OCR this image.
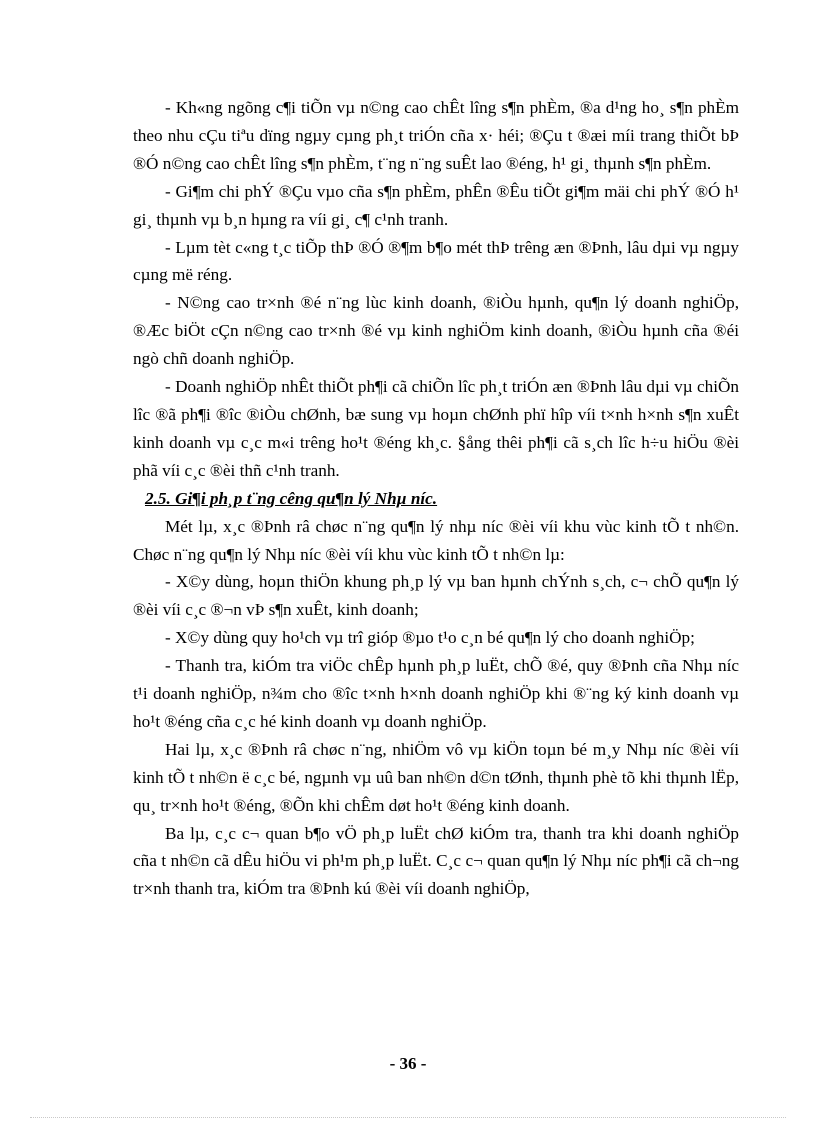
- Kh«ng ngõng c¶i tiÕn vµ n©ng cao chÊt lîng s¶n phÈm, ®a d¹ng ho¸ s¶n phÈm theo nhu cÇu tiªu dïng ngµy cµng ph¸t triÓn cña x· héi; ®Çu t ®æi míi trang thiÕt bÞ ®Ó n©ng cao chÊt lîng s¶n phÈm, t¨ng n¨ng suÊt lao ®éng, h¹ gi¸ thµnh s¶n phÈm.

- Gi¶m chi phÝ ®Çu vµo cña s¶n phÈm, phÊn ®Êu tiÕt gi¶m mäi chi phÝ ®Ó h¹ gi¸ thµnh vµ b¸n hµng ra víi gi¸ c¶ c¹nh tranh.

- Lµm tèt c«ng t¸c tiÕp thÞ ®Ó ®¶m b¶o mét thÞ trêng æn ®Þnh, lâu dµi vµ ngµy cµng më réng.

- N©ng cao tr×nh ®é n¨ng lùc kinh doanh, ®iÒu hµnh, qu¶n lý doanh nghiÖp, ®Æc biÖt cÇn n©ng cao tr×nh ®é vµ kinh nghiÖm kinh doanh, ®iÒu hµnh cña ®éi ngò chñ doanh nghiÖp.

- Doanh nghiÖp nhÊt thiÕt ph¶i cã chiÕn lîc ph¸t triÓn æn ®Þnh lâu dµi vµ chiÕn lîc ®ã ph¶i ®îc ®iÒu chØnh, bæ sung vµ hoµn chØnh phï hîp víi t×nh h×nh s¶n xuÊt kinh doanh vµ c¸c m«i trêng ho¹t ®éng kh¸c. §ång thêi ph¶i cã s¸ch lîc h÷u hiÖu ®èi phã víi c¸c ®èi thñ c¹nh tranh.

2.5. Gi¶i ph¸p t¨ng cêng qu¶n lý Nhµ níc.

Mét lµ, x¸c ®Þnh râ chøc n¨ng qu¶n lý nhµ níc ®èi víi khu vùc kinh tÕ t nh©n. Chøc n¨ng qu¶n lý Nhµ níc ®èi víi khu vùc kinh tÕ t nh©n lµ:

- X©y dùng, hoµn thiÖn khung ph¸p lý vµ ban hµnh chÝnh s¸ch, c¬ chÕ qu¶n lý ®èi víi c¸c ®¬n vÞ s¶n xuÊt, kinh doanh;

- X©y dùng quy ho¹ch vµ trî gióp ®µo t¹o c¸n bé qu¶n lý cho doanh nghiÖp;

- Thanh tra, kiÓm tra viÖc chÊp hµnh ph¸p luËt, chÕ ®é, quy ®Þnh cña Nhµ níc t¹i doanh nghiÖp, n¾m cho ®îc t×nh h×nh doanh nghiÖp khi ®¨ng ký kinh doanh vµ ho¹t ®éng cña c¸c hé kinh doanh vµ doanh nghiÖp.

Hai lµ, x¸c ®Þnh râ chøc n¨ng, nhiÖm vô vµ kiÖn toµn bé m¸y Nhµ níc ®èi víi kinh tÕ t nh©n ë c¸c bé, ngµnh vµ uû ban nh©n d©n tØnh, thµnh phè tõ khi thµnh lËp, qu¸ tr×nh ho¹t ®éng, ®Õn khi chÊm døt ho¹t ®éng kinh doanh.

Ba lµ, c¸c c¬ quan b¶o vÖ ph¸p luËt chØ kiÓm tra, thanh tra khi doanh nghiÖp cña t nh©n cã dÊu hiÖu vi ph¹m ph¸p luËt. C¸c c¬ quan qu¶n lý Nhµ níc ph¶i cã ch¬ng tr×nh thanh tra, kiÓm tra ®Þnh kú ®èi víi doanh nghiÖp,

- 36 -
